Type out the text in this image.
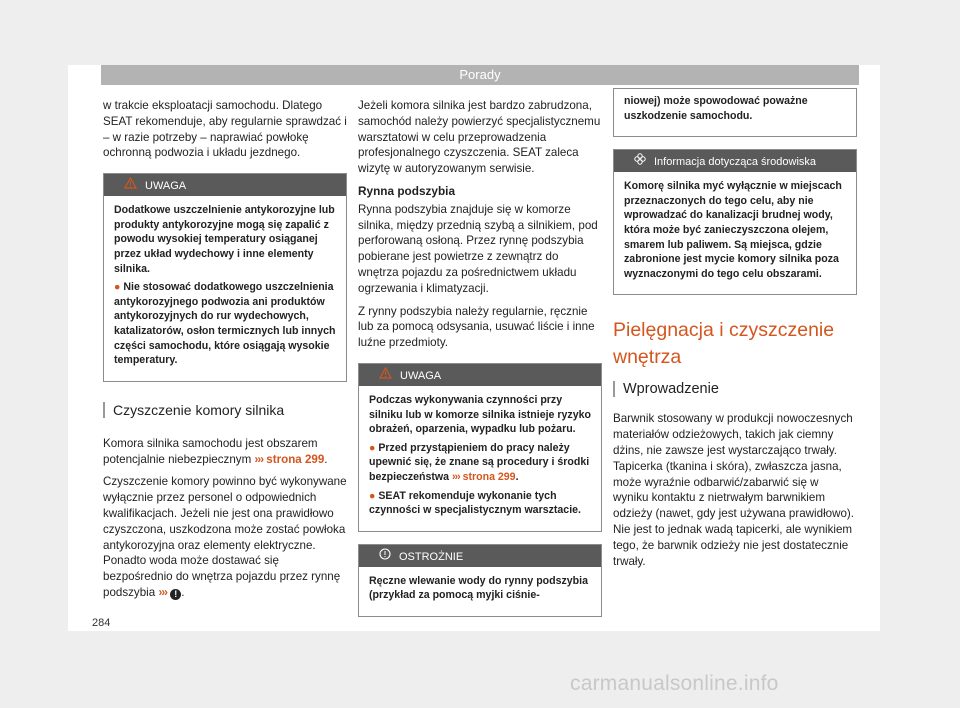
Porady

w trakcie eksploatacji samochodu. Dlatego SEAT rekomenduje, aby regularnie sprawdzać i – w razie potrzeby – naprawiać powłokę ochronną podwozia i układu jezdnego.

UWAGA

Dodatkowe uszczelnienie antykorozyjne lub produkty antykorozyjne mogą się zapalić z powodu wysokiej temperatury osiąganej przez układ wydechowy i inne elementy silnika.

● Nie stosować dodatkowego uszczelnienia antykorozyjnego podwozia ani produktów antykorozyjnych do rur wydechowych, katalizatorów, osłon termicznych lub innych części samochodu, które osiągają wysokie temperatury.

Czyszczenie komory silnika

Komora silnika samochodu jest obszarem potencjalnie niebezpiecznym ››› strona 299.

Czyszczenie komory powinno być wykonywane wyłącznie przez personel o odpowiednich kwalifikacjach. Jeżeli nie jest ona prawidłowo czyszczona, uszkodzona może zostać powłoka antykorozyjna oraz elementy elektryczne. Ponadto woda może dostawać się bezpośrednio do wnętrza pojazdu przez rynnę podszybia ››› ! .

Jeżeli komora silnika jest bardzo zabrudzona, samochód należy powierzyć specjalistycznemu warsztatowi w celu przeprowadzenia profesjonalnego czyszczenia. SEAT zaleca wizytę w autoryzowanym serwisie.

Rynna podszybia

Rynna podszybia znajduje się w komorze silnika, między przednią szybą a silnikiem, pod perforowaną osłoną. Przez rynnę podszybia pobierane jest powietrze z zewnątrz do wnętrza pojazdu za pośrednictwem układu ogrzewania i klimatyzacji.

Z rynny podszybia należy regularnie, ręcznie lub za pomocą odsysania, usuwać liście i inne luźne przedmioty.

UWAGA

Podczas wykonywania czynności przy silniku lub w komorze silnika istnieje ryzyko obrażeń, oparzenia, wypadku lub pożaru.

● Przed przystąpieniem do pracy należy upewnić się, że znane są procedury i środki bezpieczeństwa ››› strona 299.

● SEAT rekomenduje wykonanie tych czynności w specjalistycznym warsztacie.

OSTROŻNIE

Ręczne wlewanie wody do rynny podszybia (przykład za pomocą myjki ciśnie-

niowej) może spowodować poważne uszkodzenie samochodu.

Informacja dotycząca środowiska

Komorę silnika myć wyłącznie w miejscach przeznaczonych do tego celu, aby nie wprowadzać do kanalizacji brudnej wody, która może być zanieczyszczona olejem, smarem lub paliwem. Są miejsca, gdzie zabronione jest mycie komory silnika poza wyznaczonymi do tego celu obszarami.

Pielęgnacja i czyszczenie wnętrza
Wprowadzenie

Barwnik stosowany w produkcji nowoczesnych materiałów odzieżowych, takich jak ciemny dżins, nie zawsze jest wystarczająco trwały. Tapicerka (tkanina i skóra), zwłaszcza jasna, może wyraźnie odbarwić/zabarwić się w wyniku kontaktu z nietrwałym barwnikiem odzieży (nawet, gdy jest używana prawidłowo). Nie jest to jednak wadą tapicerki, ale wynikiem tego, że barwnik odzieży nie jest dostatecznie trwały.

284
carmanualsonline.info
